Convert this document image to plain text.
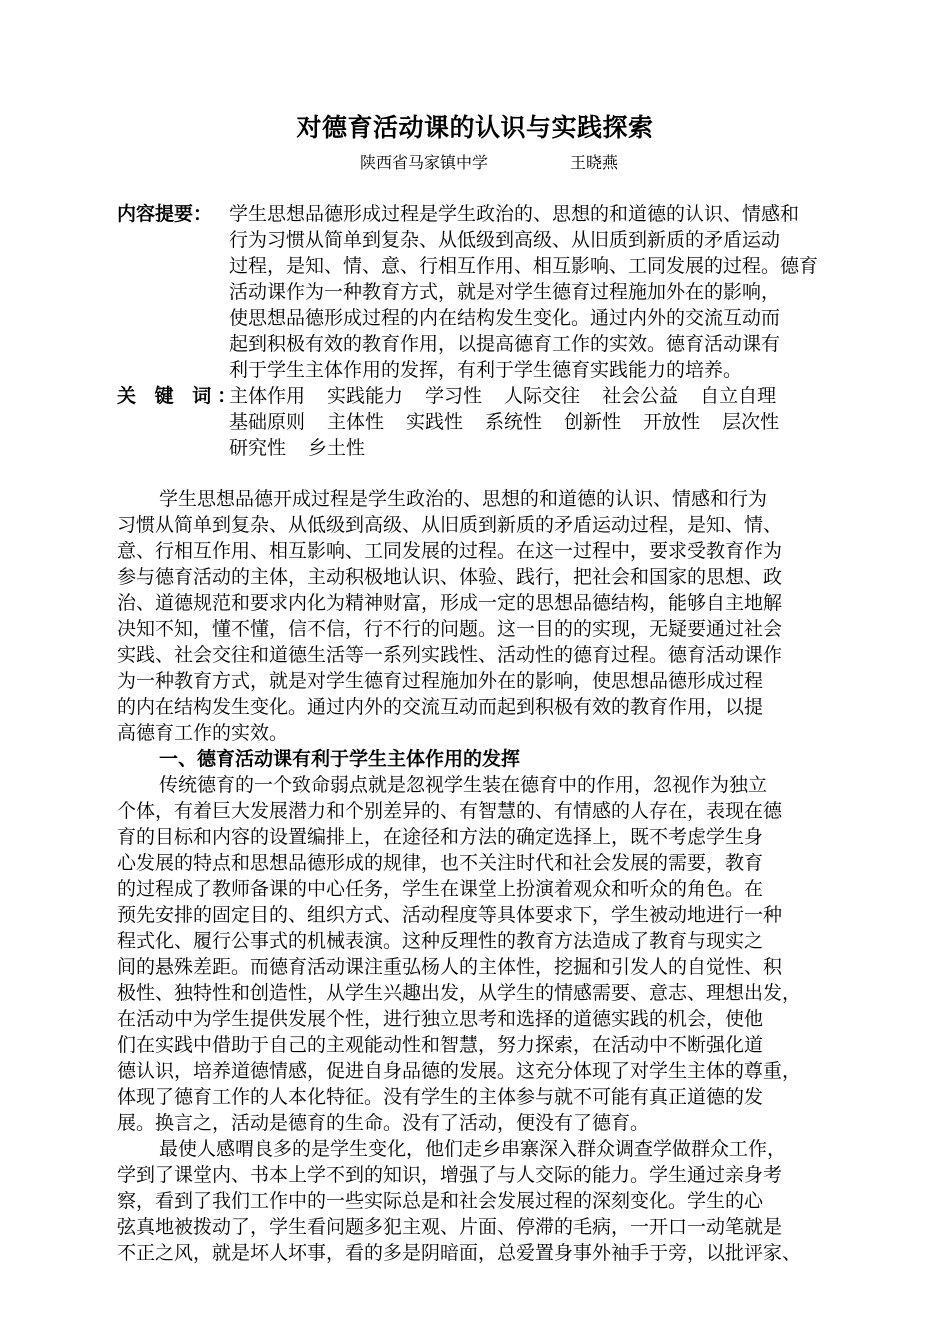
对德育活动课的认识与实践探索
陕西省马家镇中学	王晓燕
内容提要： 学生思想品德形成过程是学生政治的、思想的和道德的认识、情感和
行为习惯从简单到复杂、从低级到高级、从旧质到新质的矛盾运动
过程，是知、情、意、行相互作用、相互影响、工同发展的过程。德育
活动课作为一种教育方式，就是对学生德育过程施加外在的影响，
使思想品德形成过程的内在结构发生变化。通过内外的交流互动而
起到积极有效的教育作用，以提高德育工作的实效。德育活动课有
利于学生主体作用的发挥，有利于学生德育实践能力的培养。
关 键 词：
主体作用 实践能力 学习性 人际交往 社会公益 自立自理
基础原则 主体性 实践性 系统性 创新性 开放性 层次性
研究性 乡土性
学生思想品德开成过程是学生政治的、思想的和道德的认识、情感和行为
习惯从简单到复杂、从低级到高级、从旧质到新质的矛盾运动过程，是知、情、
意、行相互作用、相互影响、工同发展的过程。在这一过程中，要求受教育作为
参与德育活动的主体，主动积极地认识、体验、践行，把社会和国家的思想、政
治、道德规范和要求内化为精神财富，形成一定的思想品德结构，能够自主地解
决知不知，懂不懂，信不信，行不行的问题。这一目的的实现，无疑要通过社会
实践、社会交往和道德生活等一系列实践性、活动性的德育过程。德育活动课作
为一种教育方式，就是对学生德育过程施加外在的影响，使思想品德形成过程
的内在结构发生变化。通过内外的交流互动而起到积极有效的教育作用，以提
高德育工作的实效。
一、德育活动课有利于学生主体作用的发挥
传统德育的一个致命弱点就是忽视学生装在德育中的作用，忽视作为独立
个体，有着巨大发展潜力和个别差异的、有智慧的、有情感的人存在，表现在德
育的目标和内容的设置编排上，在途径和方法的确定选择上，既不考虑学生身
心发展的特点和思想品德形成的规律，也不关注时代和社会发展的需要，教育
的过程成了教师备课的中心任务，学生在课堂上扮演着观众和听众的角色。在
预先安排的固定目的、组织方式、活动程度等具体要求下，学生被动地进行一种
程式化、履行公事式的机械表演。这种反理性的教育方法造成了教育与现实之
间的悬殊差距。而德育活动课注重弘杨人的主体性，挖掘和引发人的自觉性、积
极性、独特性和创造性，从学生兴趣出发，从学生的情感需要、意志、理想出发，
在活动中为学生提供发展个性，进行独立思考和选择的道德实践的机会，使他
们在实践中借助于自己的主观能动性和智慧，努力探索，在活动中不断强化道
德认识，培养道德情感，促进自身品德的发展。这充分体现了对学生主体的尊重，
体现了德育工作的人本化特征。没有学生的主体参与就不可能有真正道德的发
展。换言之，活动是德育的生命。没有了活动，便没有了德育。
最使人感喟良多的是学生变化，他们走乡串寨深入群众调查学做群众工作，
学到了课堂内、书本上学不到的知识，增强了与人交际的能力。学生通过亲身考
察，看到了我们工作中的一些实际总是和社会发展过程的深刻变化。学生的心
弦真地被拨动了，学生看问题多犯主观、片面、停滞的毛病，一开口一动笔就是
不正之风，就是坏人坏事，看的多是阴暗面，总爱置身事外袖手于旁，以批评家、
